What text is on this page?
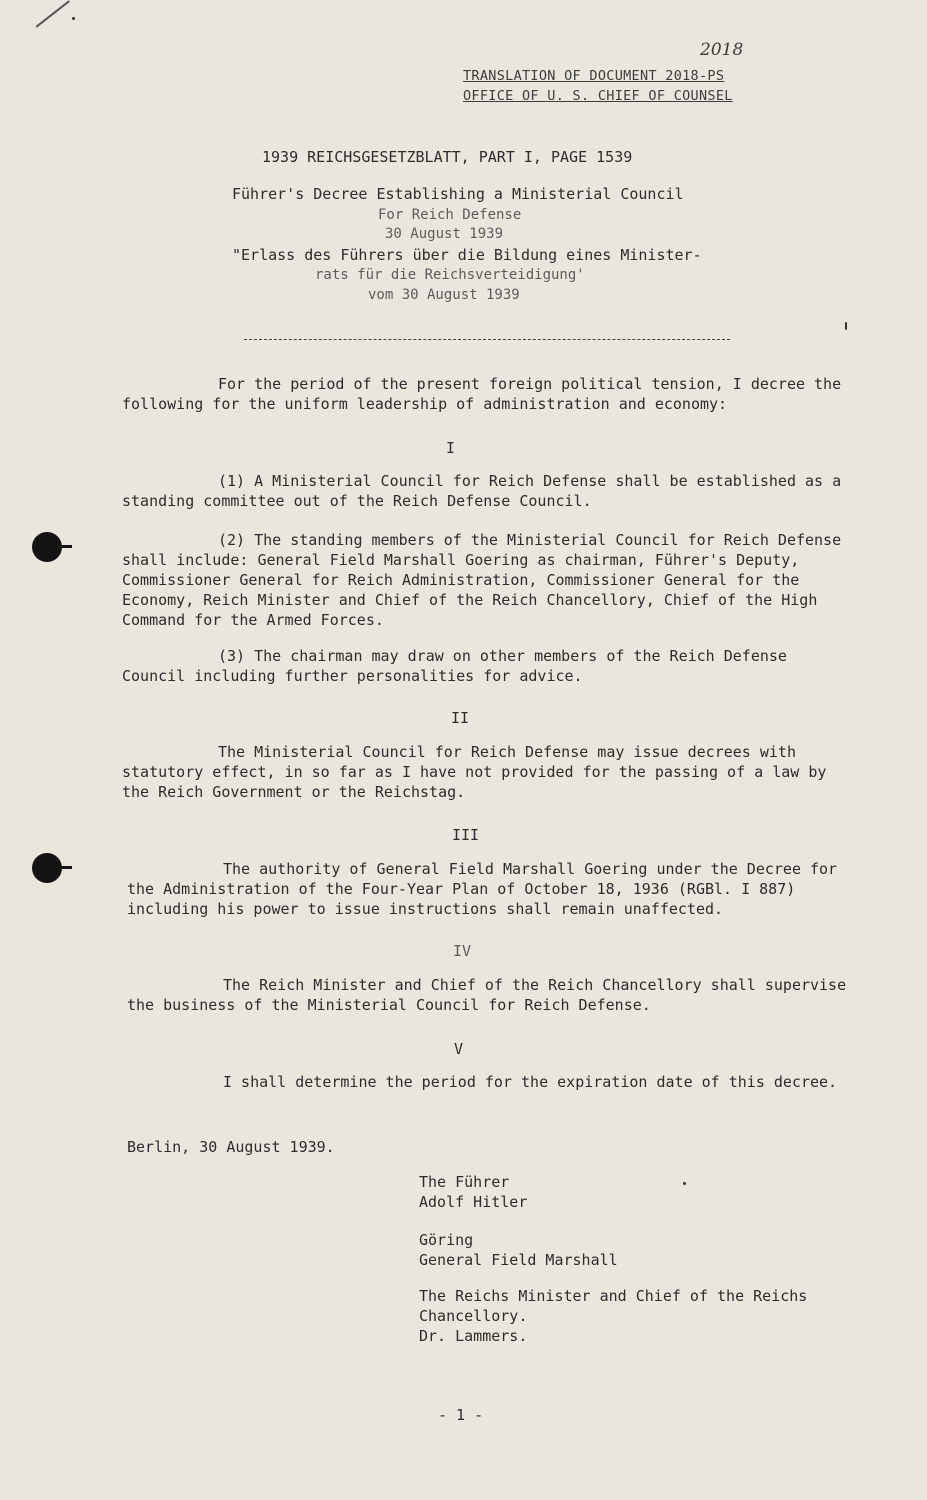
2018

TRANSLATION OF DOCUMENT 2018-PS

OFFICE OF U. S. CHIEF OF COUNSEL

1939 REICHSGESETZBLATT, PART I, PAGE 1539

Führer's Decree Establishing a Ministerial Council

For Reich Defense

30 August 1939

"Erlass des Führers über die Bildung eines Minister-

rats für die Reichsverteidigung'

vom 30 August 1939

For the period of the present foreign political tension, I decree the following for the uniform leadership of administration and economy:

I

(1) A Ministerial Council for Reich Defense shall be established as a standing committee out of the Reich Defense Council.

(2) The standing members of the Ministerial Council for Reich Defense shall include: General Field Marshall Goering as chairman, Führer's Deputy, Commissioner General for Reich Administration, Commissioner General for the Economy, Reich Minister and Chief of the Reich Chancellory, Chief of the High Command for the Armed Forces.

(3) The chairman may draw on other members of the Reich Defense Council including further personalities for advice.

II

The Ministerial Council for Reich Defense may issue decrees with statutory effect, in so far as I have not provided for the passing of a law by the Reich Government or the Reichstag.

III

The authority of General Field Marshall Goering under the Decree for the Administration of the Four-Year Plan of October 18, 1936 (RGBl. I 887) including his power to issue instructions shall remain unaffected.

IV

The Reich Minister and Chief of the Reich Chancellory shall supervise the business of the Ministerial Council for Reich Defense.

V

I shall determine the period for the expiration date of this decree.

Berlin, 30 August 1939.

The Führer

Adolf Hitler

Göring

General Field Marshall

The Reichs Minister and Chief of the Reichs

Chancellory.

Dr. Lammers.

- 1 -
